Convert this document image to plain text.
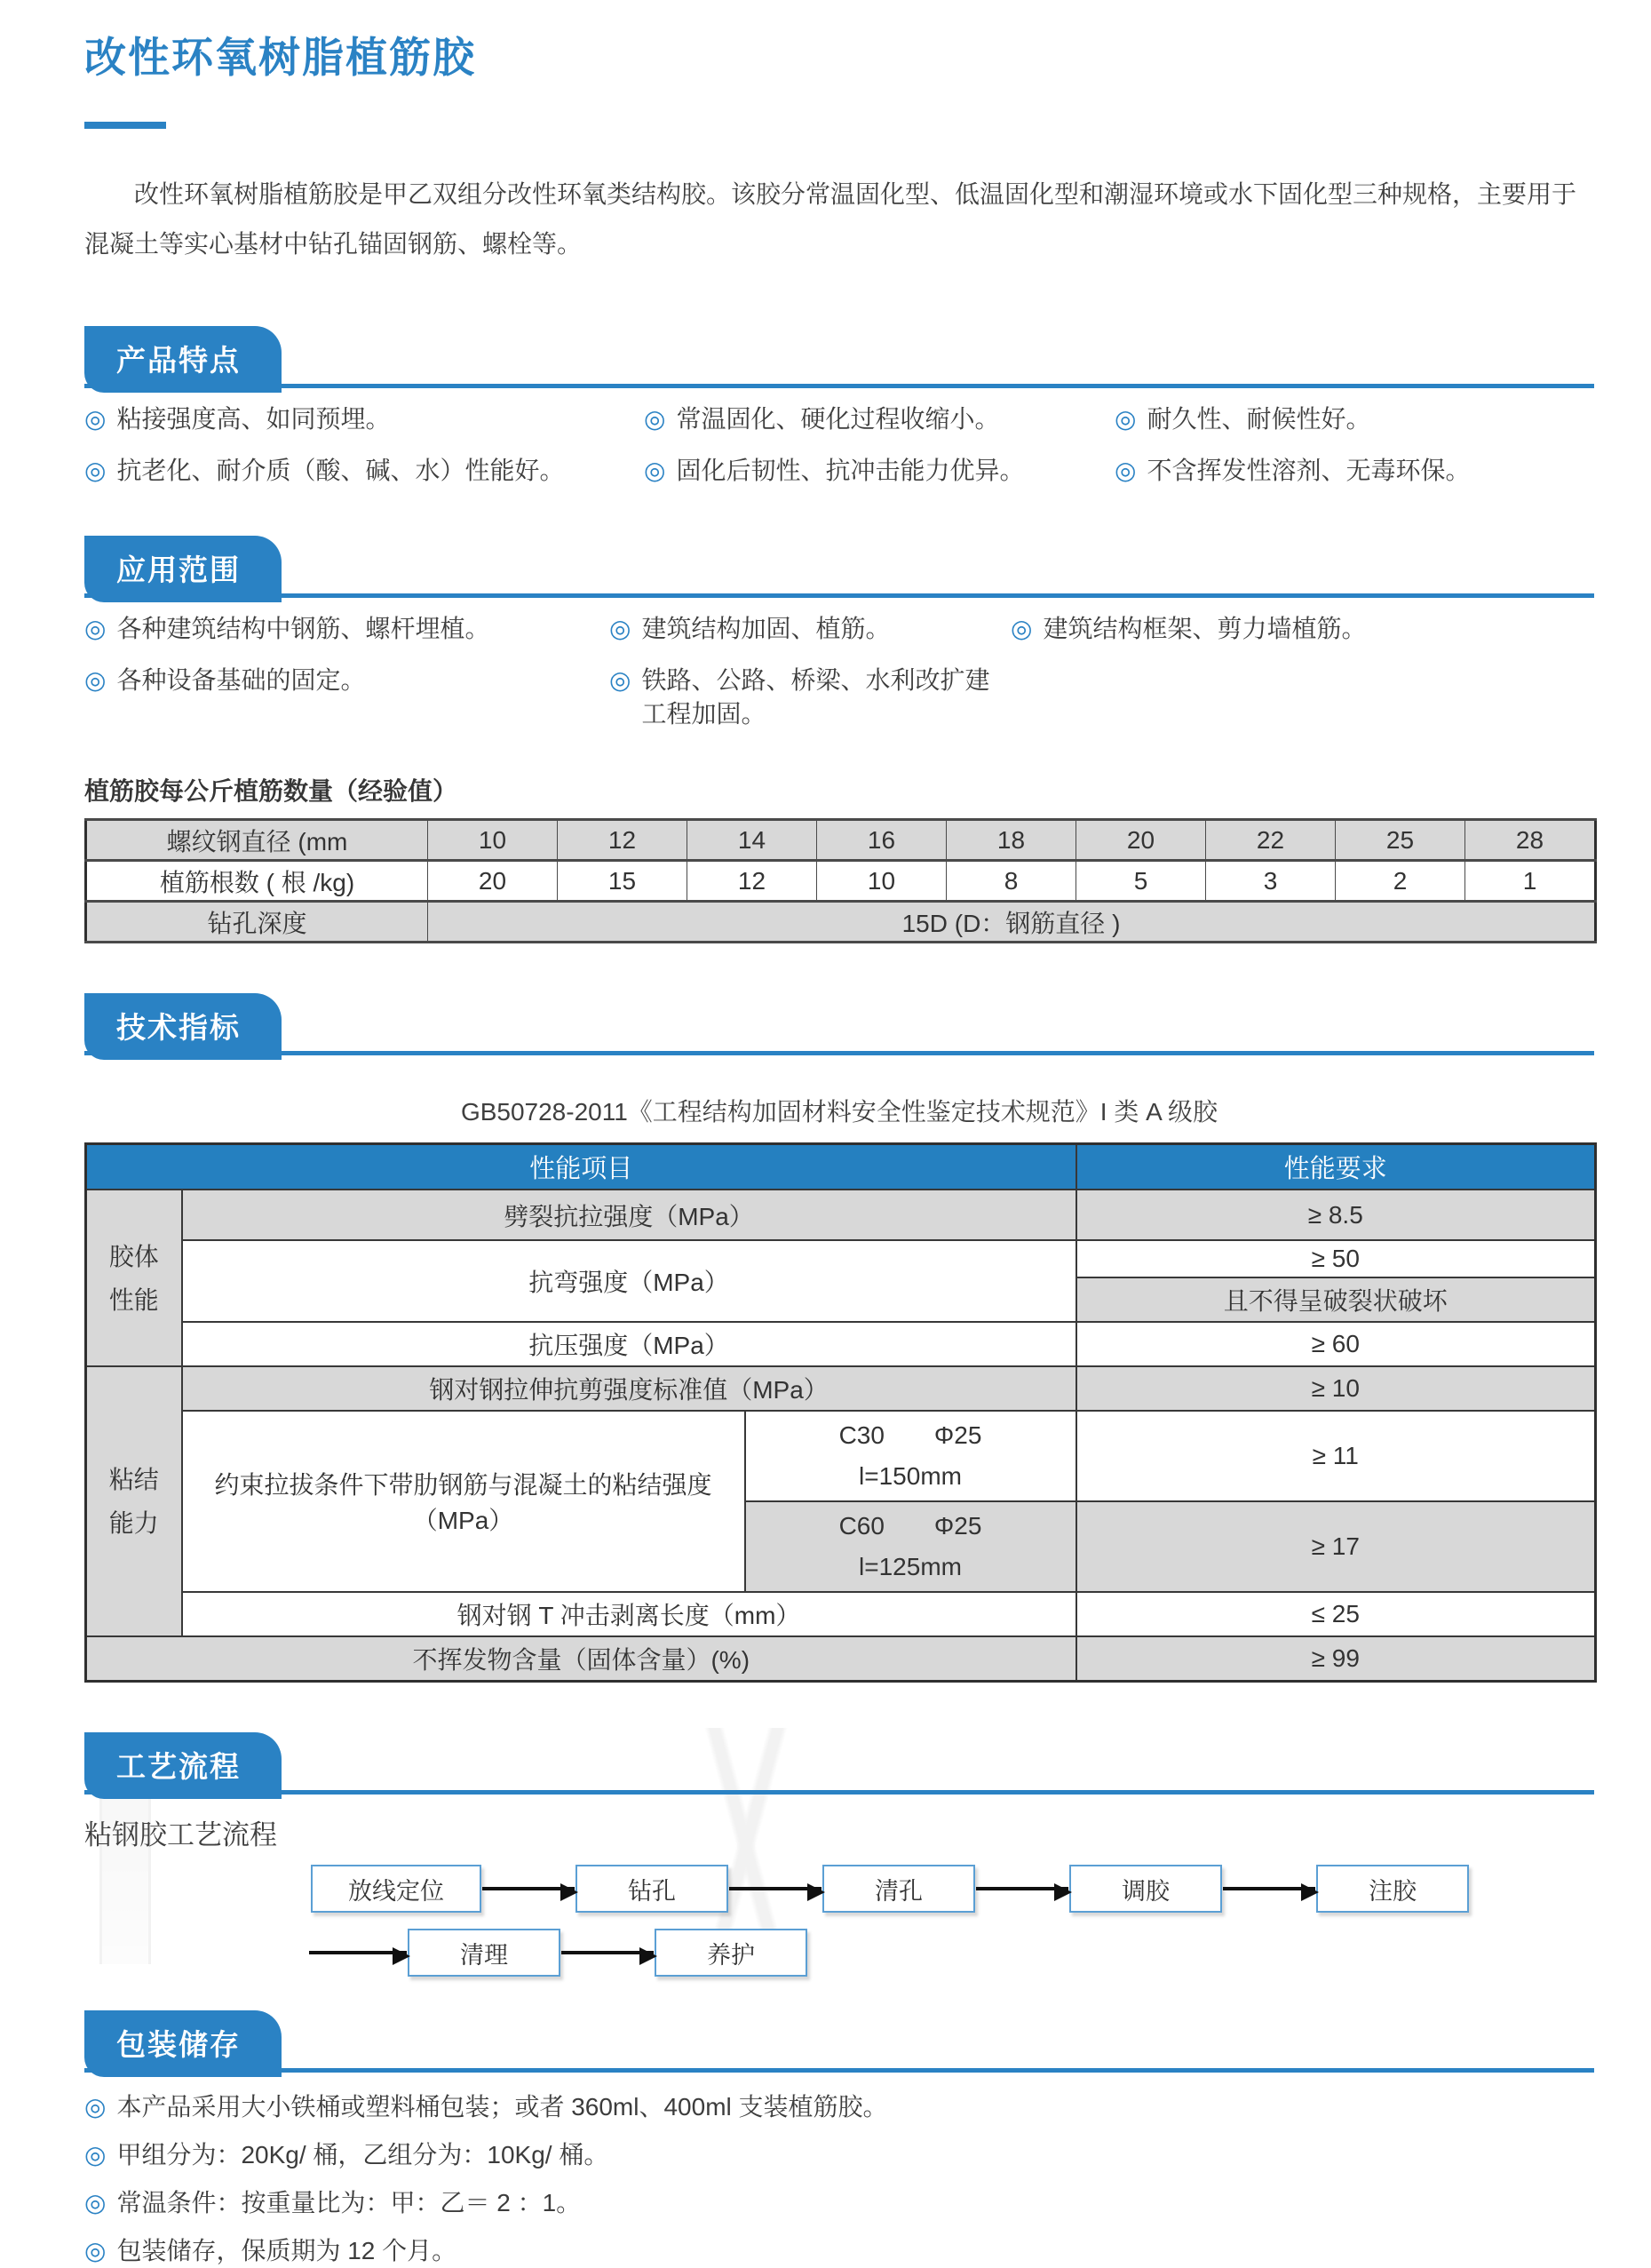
改性环氧树脂植筋胶

改性环氧树脂植筋胶是甲乙双组分改性环氧类结构胶。该胶分常温固化型、低温固化型和潮湿环境或水下固化型三种规格，主要用于混凝土等实心基材中钻孔锚固钢筋、螺栓等。

产品特点
◎ 粘接强度高、如同预埋。	◎ 常温固化、硬化过程收缩小。	◎ 耐久性、耐候性好。
◎ 抗老化、耐介质（酸、碱、水）性能好。	◎ 固化后韧性、抗冲击能力优异。	◎ 不含挥发性溶剂、无毒环保。
应用范围
◎ 各种建筑结构中钢筋、螺杆埋植。	◎ 建筑结构加固、植筋。	◎ 建筑结构框架、剪力墙植筋。
◎ 各种设备基础的固定。	◎ 铁路、公路、桥梁、水利改扩建工程加固。
植筋胶每公斤植筋数量（经验值）
螺纹钢直径 (mm	10	12	14	16	18	20	22	25	28
植筋根数 ( 根 /kg)	20	15	12	10	8	5	3	2	1
钻孔深度	15D (D：钢筋直径 )								
技术指标
GB50728-2011《工程结构加固材料安全性鉴定技术规范》I 类 A 级胶
性能项目			性能要求
胶体性能	劈裂抗拉强度（MPa）		≥ 8.5
	抗弯强度（MPa）		≥ 50
			且不得呈破裂状破坏
	抗压强度（MPa）		≥ 60
粘结能力	钢对钢拉伸抗剪强度标准值（MPa）		≥ 10
	约束拉拔条件下带肋钢筋与混凝土的粘结强度（MPa）	C30　　Φ25
l=150mm	≥ 11

		C60　　Φ25
l=125mm	≥ 17
	钢对钢 T 冲击剥离长度（mm）		≤ 25
不挥发物含量（固体含量）(%)			≥ 99
工艺流程
粘钢胶工艺流程
放线定位	钻孔	清孔	调胶	注胶
清理	养护
包装储存
◎ 本产品采用大小铁桶或塑料桶包装；或者 360ml、400ml 支装植筋胶。
◎ 甲组分为：20Kg/ 桶，乙组分为：10Kg/ 桶。
◎ 常温条件：按重量比为：甲：乙＝ 2 ：1。
◎ 包装储存，保质期为 12 个月。
